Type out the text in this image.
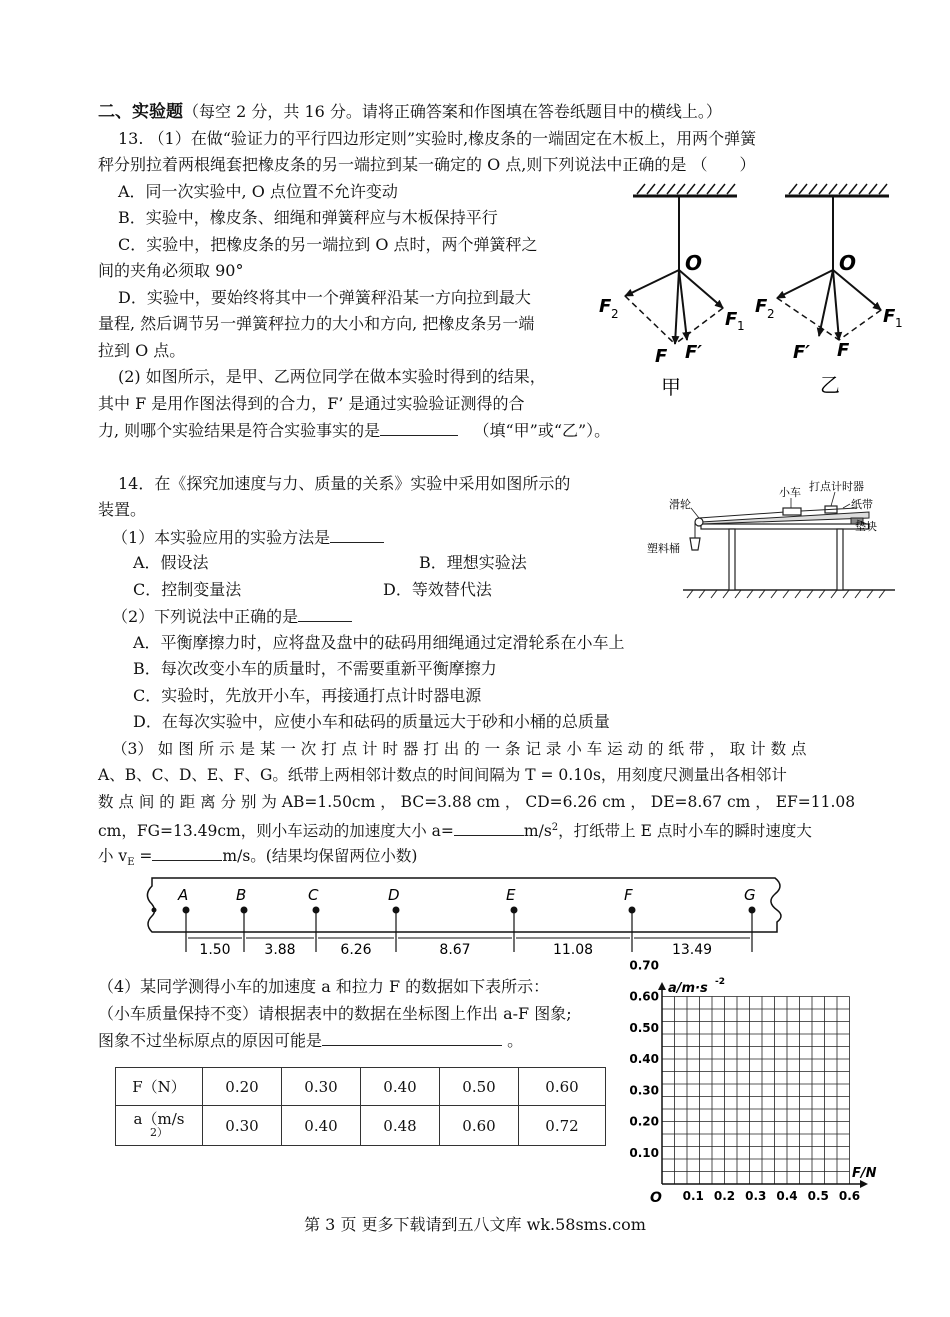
二、实验题（每空 2 分，共 16 分。请将正确答案和作图填在答卷纸题目中的横线上。）
13. （1）在做“验证力的平行四边形定则”实验时,橡皮条的一端固定在木板上，用两个弹簧
秤分别拉着两根绳套把橡皮条的另一端拉到某一确定的 O 点,则下列说法中正确的是 （　　）
A．同一次实验中, O 点位置不允许变动
B．实验中，橡皮条、细绳和弹簧秤应与木板保持平行
C．实验中，把橡皮条的另一端拉到 O 点时，两个弹簧秤之
间的夹角必须取 90°
D．实验中，要始终将其中一个弹簧秤沿某一方向拉到最大
量程, 然后调节另一弹簧秤拉力的大小和方向, 把橡皮条另一端
拉到 O 点。
(2) 如图所示，是甲、乙两位同学在做本实验时得到的结果，
其中 F 是用作图法得到的合力，F’ 是通过实验验证测得的合
力, 则哪个实验结果是符合实验事实的是	（填“甲”或“乙”）。
O
F 2	F 1
F F′
甲
O
F 2	F 1
F′ F
乙
14．在《探究加速度与力、质量的关系》实验中采用如图所示的
装置。	滑轮
小车 打点计时器
纸带
垫块
塑料桶
（1）本实验应用的实验方法是
A．假设法	B．理想实验法
C．控制变量法	D．等效替代法
（2）下列说法中正确的是
A．平衡摩擦力时，应将盘及盘中的砝码用细绳通过定滑轮系在小车上
B．每次改变小车的质量时，不需要重新平衡摩擦力
C．实验时，先放开小车，再接通打点计时器电源
D．在每次实验中，应使小车和砝码的质量远大于砂和小桶的总质量
（3） 如 图 所 示 是 某 一 次 打 点 计 时 器 打 出 的 一 条 记 录 小 车 运 动 的 纸 带 ， 取 计 数 点
A、B、C、D、E、F、G。纸带上两相邻计数点的时间间隔为 T = 0.10s，用刻度尺测量出各相邻计
数 点 间 的 距 离 分 别 为 AB=1.50cm ， BC=3.88 cm ， CD=6.26 cm ， DE=8.67 cm ， EF=11.08
cm，FG=13.49cm，则小车运动的加速度大小 a=	$m/s^2$，打纸带上 E 点时小车的瞬时速度大
小 $v_E$ =	m/s。(结果均保留两位小数)
A	B	C	D	E	F	G
1.50 3.88	6.26	8.67	11.08	13.49
（4）某同学测得小车的加速度 a 和拉力 F 的数据如下表所示：
（小车质量保持不变）请根据表中的数据在坐标图上作出 a-F 图象;
图象不过坐标原点的原因可能是	。
F（N）	0.20	0.30	0.40	0.50	0.60

a（m/s
2）	0.30	0.40	0.48	0.60	0.72
a/m·s -2
F/N
O 0.1 0.2 0.3 0.4 0.5 0.6
0.10
0.20
0.30
0.40
0.50
0.60
0.70
第 3 页 更多下载请到五八文库 wk.58sms.com
